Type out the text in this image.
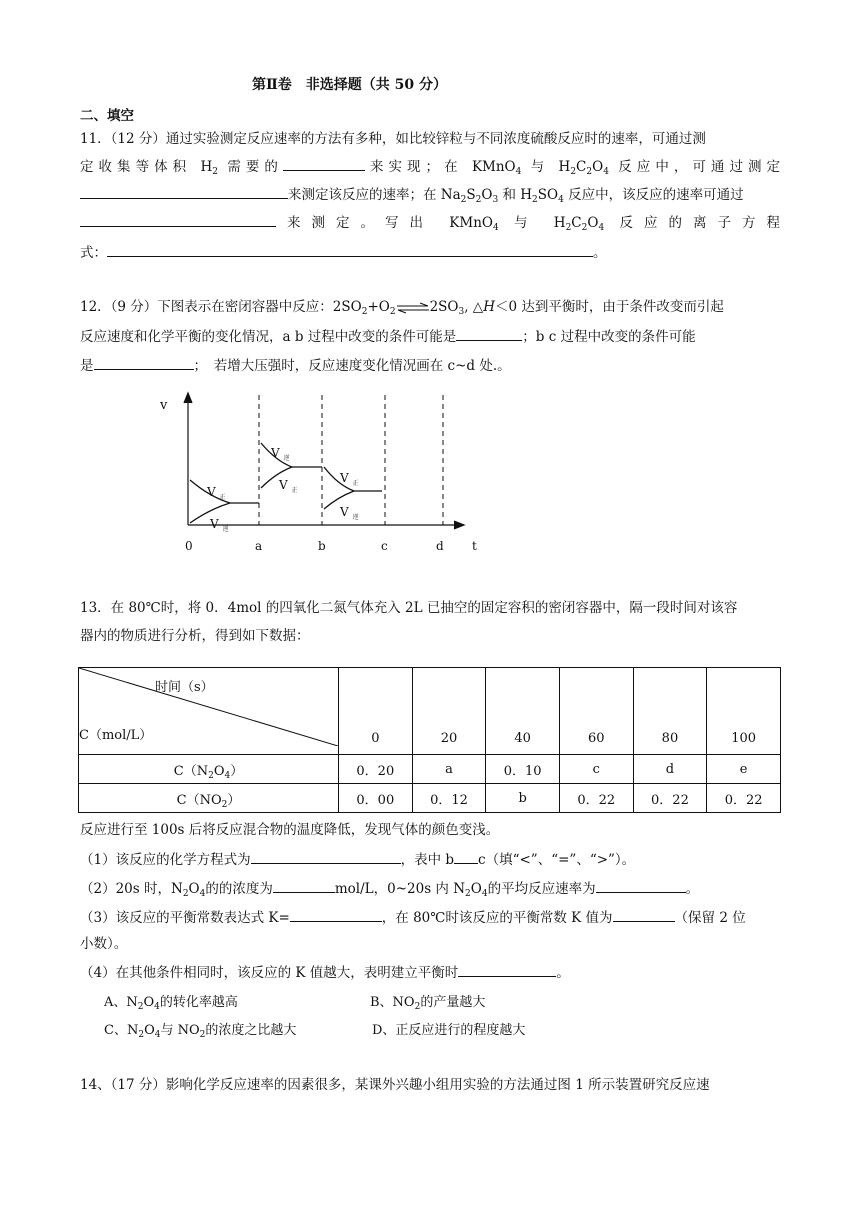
第Ⅱ卷　非选择题（共 50 分）
二、填空
11．（12 分）通过实验测定反应速率的方法有多种，如比较锌粒与不同浓度硫酸反应时的速率，可通过测
定收集等体积 $H_2$ 需要的	来实现；在 KMnO$_4$ 与 $H_2C_2O_4$ 反应中，可通过测定
来测定该反应的速率；在 $Na_2S_2O_3$ 和 $H_2SO_4$ 反应中，该反应的速率可通过
来测定。写出 KMnO$_4$ 与 $H_2C_2O_4$ 反应的离子方程
式：	。
12．（9 分）下图表示在密闭容器中反应：$2SO_2+O_2\rightleftharpoons 2SO_3$, △H＜0 达到平衡时，由于条件改变而引起
反应速度和化学平衡的变化情况，a b 过程中改变的条件可能是	；b c 过程中改变的条件可能
是	；　若增大压强时，反应速度变化情况画在 c~d 处.。
v
t
0	a	b	c	d
V $_正$
V $_逆$
V $_逆$
V $_正$
V $_正$
V $_逆$
13．在 80℃时，将 0．4mol 的四氧化二氮气体充入 2L 已抽空的固定容积的密闭容器中，隔一段时间对该容
器内的物质进行分析，得到如下数据：
时间（s）
C（mol/L）	0	20	40	60	80	100
$C(N_2O_4)$	0．20	a	0．10	c	d	e
$C(NO_2)$	0．00	0．12	b	0．22	0．22	0．22
反应进行至 100s 后将反应混合物的温度降低，发现气体的颜色变浅。
（1）该反应的化学方程式为	，表中 b c（填“<”、“=”、“>”）。
（2）20s 时，$N_2O_4$的的浓度为	mol/L，0~20s 内 $N_2O_4$的平均反应速率为	。
（3）该反应的平衡常数表达式 K=	，在 80℃时该反应的平衡常数 K 值为	（保留 2 位
小数）。
（4）在其他条件相同时，该反应的 K 值越大，表明建立平衡时	。
A、$N_2O_4$的转化率越高	B、$NO_2$的产量越大
C、$N_2O_4$与 $NO_2$的浓度之比越大	D、正反应进行的程度越大
14、（17 分）影响化学反应速率的因素很多，某课外兴趣小组用实验的方法通过图 1 所示装置研究反应速
